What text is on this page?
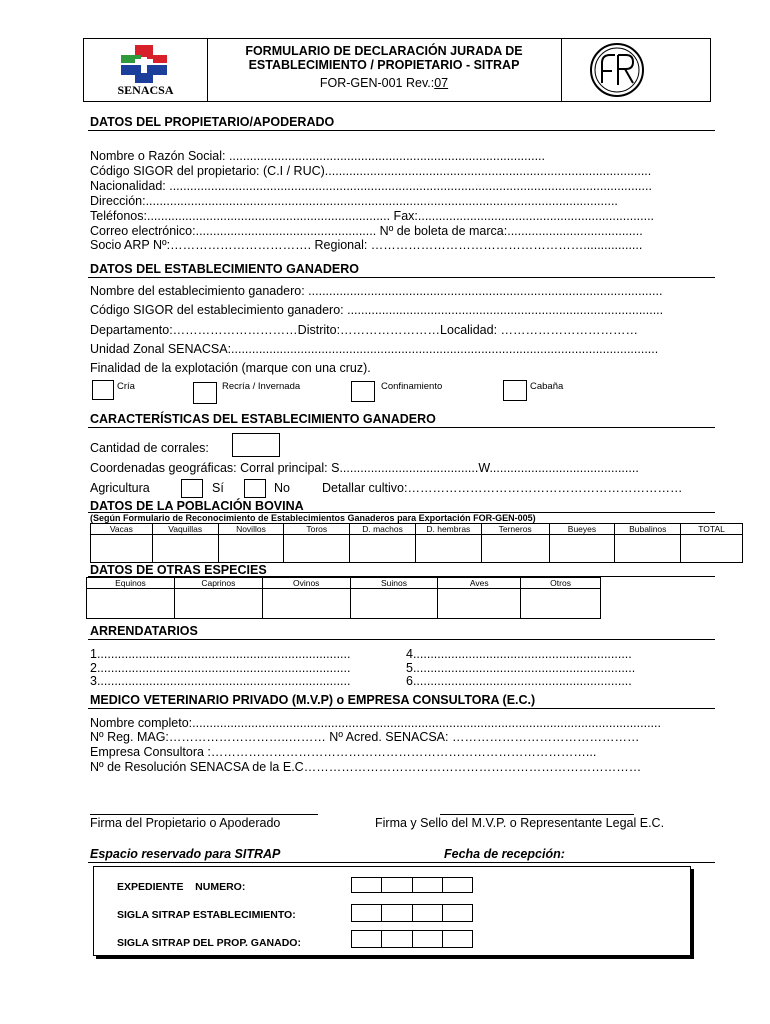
SENACSA
FORMULARIO DE DECLARACIÓN JURADA DE
ESTABLECIMIENTO / PROPIETARIO - SITRAP
FOR-GEN-001 Rev.:07
DATOS DEL PROPIETARIO/APODERADO
Nombre o Razón Social: ...........................................................................................
Código SIGOR del propietario: (C.I / RUC)..............................................................................................
Nacionalidad: ...........................................................................................................................................
Dirección:........................................................................................................................................
Teléfonos:...................................................................... Fax:....................................................................
Correo electrónico:.................................................... Nº de boleta de marca:.......................................
Socio ARP Nº:……………………………. Regional: …………………………………………….................
DATOS DEL ESTABLECIMIENTO GANADERO
Nombre del establecimiento ganadero: ......................................................................................................
Código SIGOR del establecimiento ganadero: ...........................................................................................
Departamento:…………………………Distrito:……………………Localidad: ……………………………
Unidad Zonal SENACSA:...........................................................................................................................
Finalidad de la explotación (marque con una cruz).
Cría	Recría / Invernada	Confinamiento	Cabaña
CARACTERÍSTICAS DEL ESTABLECIMIENTO GANADERO
Cantidad de corrales:
Coordenadas geográficas: Corral principal: S........................................W...........................................
Agricultura	Sí	No	Detallar cultivo:…………………………………………………………
DATOS DE LA POBLACIÓN BOVINA
(Según Formulario de Reconocimiento de Establecimientos Ganaderos para Exportación FOR-GEN-005)
Vacas	Vaquillas	Novillos	Toros	D. machos	D. hembras	Terneros	Bueyes	Bubalinos	TOTAL

DATOS DE OTRAS ESPECIES
Equinos	Caprinos	Ovinos	Suinos	Aves	Otros

ARRENDATARIOS
1.........................................................................
2.........................................................................
3.........................................................................
4...............................................................
5................................................................
6...............................................................
MEDICO VETERINARIO PRIVADO (M.V.P) o EMPRESA CONSULTORA (E.C.)
Nombre completo:.......................................................................................................................................
Nº Reg. MAG:………………………..……… Nº Acred. SENACSA: ………………………………………
Empresa Consultora :………………………………………………………………………………...
Nº de Resolución SENACSA de la E.C………………………………………………………………………
Firma del Propietario o Apoderado	Firma y Sello del M.V.P. o Representante Legal E.C.
Espacio reservado para SITRAP	Fecha de recepción:
EXPEDIENTE    NUMERO:
SIGLA SITRAP ESTABLECIMIENTO:
SIGLA SITRAP DEL PROP. GANADO:
